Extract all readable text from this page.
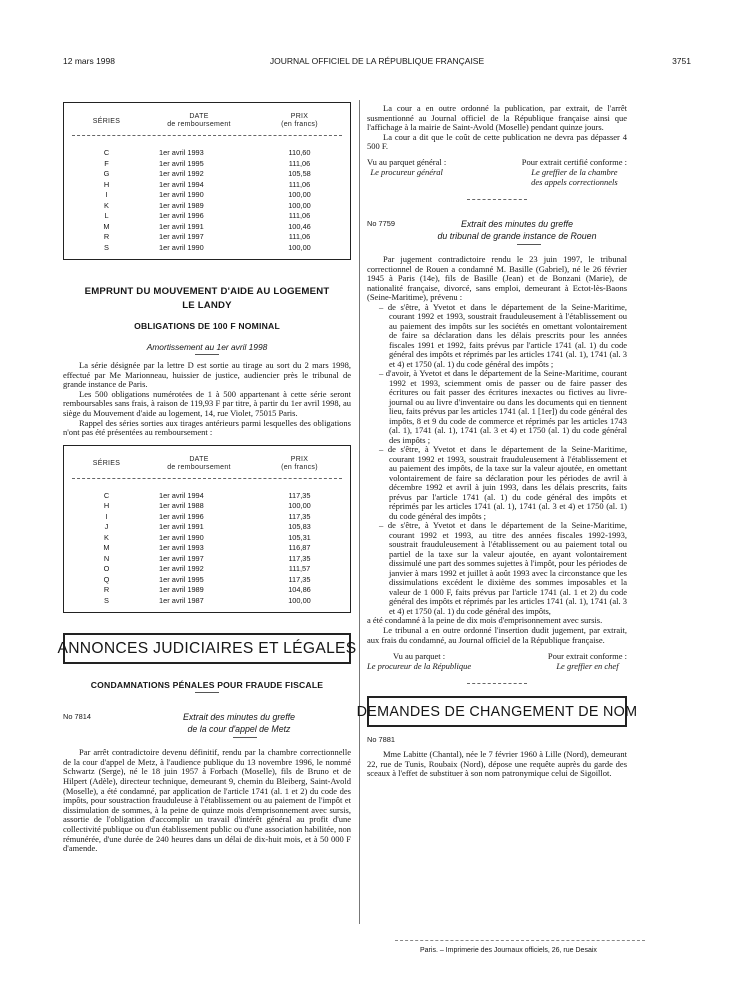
12 mars 1998	JOURNAL OFFICIEL DE LA RÉPUBLIQUE FRANÇAISE	3751
SÉRIES
DATE
de remboursement
PRIX
(en francs)
C	1er avril 1993	110,60
F	1er avril 1995	111,06
G	1er avril 1992	105,58
H	1er avril 1994	111,06
I	1er avril 1990	100,00
K	1er avril 1989	100,00
L	1er avril 1996	111,06
M	1er avril 1991	100,46
R	1er avril 1997	111,06
S	1er avril 1990	100,00
EMPRUNT DU MOUVEMENT D'AIDE AU LOGEMENT
LE LANDY
OBLIGATIONS DE 100 F NOMINAL
Amortissement au 1er avril 1998

La série désignée par la lettre D est sortie au tirage au sort du 2 mars 1998, effectué par Me Marionneau, huissier de justice, audiencier près le tribunal de grande instance de Paris.

Les 500 obligations numérotées de 1 à 500 appartenant à cette série seront remboursables sans frais, à raison de 119,93 F par titre, à partir du 1er avril 1998, au siège du Mouvement d'aide au logement, 14, rue Violet, 75015 Paris.

Rappel des séries sorties aux tirages antérieurs parmi lesquelles des obligations n'ont pas été présentées au remboursement :

SÉRIES
DATE
de remboursement
PRIX
(en francs)
C	1er avril 1994	117,35
H	1er avril 1988	100,00
I	1er avril 1996	117,35
J	1er avril 1991	105,83
K	1er avril 1990	105,31
M	1er avril 1993	116,87
N	1er avril 1997	117,35
O	1er avril 1992	111,57
Q	1er avril 1995	117,35
R	1er avril 1989	104,86
S	1er avril 1987	100,00
ANNONCES JUDICIAIRES ET LÉGALES
CONDAMNATIONS PÉNALES POUR FRAUDE FISCALE
No 7814	Extrait des minutes du greffe
de la cour d'appel de Metz

Par arrêt contradictoire devenu définitif, rendu par la chambre correctionnelle de la cour d'appel de Metz, à l'audience publique du 13 novembre 1996, le nommé Schwartz (Serge), né le 18 juin 1957 à Forbach (Moselle), fils de Bruno et de Hilpert (Adèle), directeur technique, demeurant 9, chemin du Bleiberg, Saint-Avold (Moselle), a été condamné, par application de l'article 1741 (al. 1 et 2) du code des impôts, pour soustraction frauduleuse à l'établissement ou au paiement de l'impôt et dissimulation de sommes, à la peine de quinze mois d'emprisonnement avec sursis, assortie de l'obligation d'accomplir un travail d'intérêt général au profit d'une collectivité publique ou d'un établissement public ou d'une association habilitée, non rémunérée, d'une durée de 240 heures dans un délai de dix-huit mois, et à 50 000 F d'amende.

La cour a en outre ordonné la publication, par extrait, de l'arrêt susmentionné au Journal officiel de la République française ainsi que l'affichage à la mairie de Saint-Avold (Moselle) pendant quinze jours.

La cour a dit que le coût de cette publication ne devra pas dépasser 4 500 F.

Vu au parquet général :
Le procureur général
Pour extrait certifié conforme :
Le greffier de la chambre
des appels correctionnels
No 7759	Extrait des minutes du greffe
du tribunal de grande instance de Rouen

Par jugement contradictoire rendu le 23 juin 1997, le tribunal correctionnel de Rouen a condamné M. Basille (Gabriel), né le 26 février 1945 à Paris (14e), fils de Basille (Jean) et de Bonzani (Marie), de nationalité française, divorcé, sans emploi, demeurant à Ectot-lès-Baons (Seine-Maritime), prévenu :

– de s'être, à Yvetot et dans le département de la Seine-Maritime, courant 1992 et 1993, soustrait frauduleusement à l'établissement ou au paiement des impôts sur les sociétés en omettant volontairement de faire sa déclaration dans les délais prescrits pour les années fiscales 1991 et 1992, faits prévus par l'article 1741 (al. 1) du code général des impôts et réprimés par les articles 1741 (al. 1), 1741 (al. 3 et 4) et 1750 (al. 1) du code général des impôts ;

– d'avoir, à Yvetot et dans le département de la Seine-Maritime, courant 1992 et 1993, sciemment omis de passer ou de faire passer des écritures ou fait passer des écritures inexactes ou fictives au livre-journal ou au livre d'inventaire ou dans les documents qui en tiennent lieu, faits prévus par les articles 1741 (al. 1 [1er]) du code général des impôts, 8 et 9 du code de commerce et réprimés par les articles 1743 (al. 1), 1741 (al. 1), 1741 (al. 3 et 4) et 1750 (al. 1) du code général des impôts ;

– de s'être, à Yvetot et dans le département de la Seine-Maritime, courant 1992 et 1993, soustrait frauduleusement à l'établissement et au paiement des impôts, de la taxe sur la valeur ajoutée, en omettant volontairement de faire sa déclaration pour les périodes de avril à décembre 1992 et avril à juin 1993, dans les délais prescrits, faits prévus par l'article 1741 (al. 1) du code général des impôts et réprimés par les articles 1741 (al. 1), 1741 (al. 3 et 4) et 1750 (al. 1) du code général des impôts ;

– de s'être, à Yvetot et dans le département de la Seine-Maritime, courant 1992 et 1993, au titre des années fiscales 1992-1993, soustrait frauduleusement à l'établissement ou au paiement total ou partiel de la taxe sur la valeur ajoutée, en ayant volontairement dissimulé une part des sommes sujettes à l'impôt, pour les périodes de janvier à mars 1992 et juillet à août 1993 avec la circonstance que les dissimulations excédent le dixième des sommes imposables et la valeur de 1 000 F, faits prévus par l'article 1741 (al. 1 et 2) du code général des impôts et réprimés par les articles 1741 (al. 1), 1741 (al. 3 et 4) et 1750 (al. 1) du code général des impôts,

a été condamné à la peine de dix mois d'emprisonnement avec sursis.

Le tribunal a en outre ordonné l'insertion dudit jugement, par extrait, aux frais du condamné, au Journal officiel de la République française.

Vu au parquet :
Le procureur de la République
Pour extrait conforme :
Le greffier en chef
DEMANDES DE CHANGEMENT DE NOM
No 7881

Mme Labitte (Chantal), née le 7 février 1960 à Lille (Nord), demeurant 22, rue de Tunis, Roubaix (Nord), dépose une requête auprès du garde des sceaux à l'effet de substituer à son nom patronymique celui de Sigoillot.

Paris. – Imprimerie des Journaux officiels, 26, rue Desaix
